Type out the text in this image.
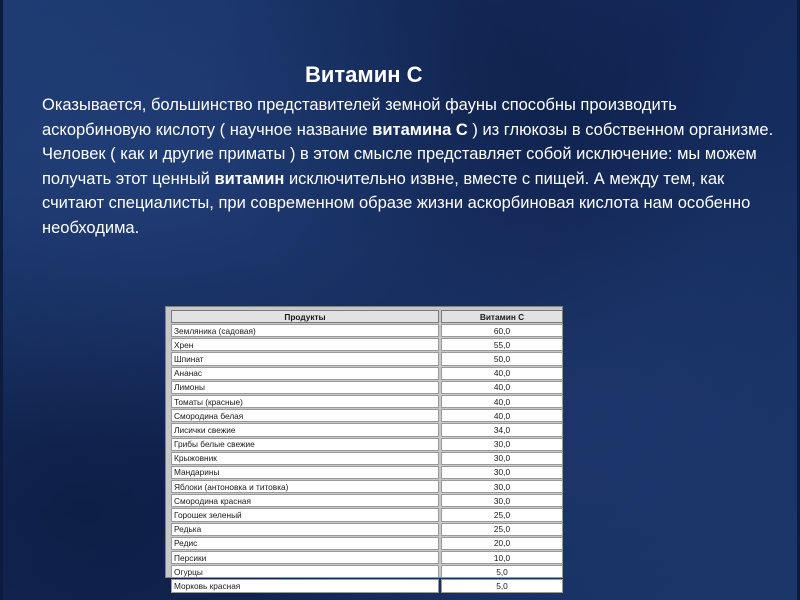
Витамин С

Оказывается, большинство представителей земной фауны способны производить аскорбиновую кислоту ( научное название витамина С ) из глюкозы в собственном организме.

Человек ( как и другие приматы ) в этом смысле представляет собой исключение: мы можем получать этот ценный витамин исключительно извне, вместе с пищей. А между тем, как считают специалисты, при современном образе жизни аскорбиновая кислота нам особенно необходима.

Продукты	Витамин С
Земляника (садовая)	60,0
Хрен	55,0
Шпинат	50,0
Ананас	40,0
Лимоны	40,0
Томаты (красные)	40,0
Смородина белая	40,0
Лисички свежие	34,0
Грибы белые свежие	30,0
Крыжовник	30,0
Мандарины	30,0
Яблоки (антоновка и титовка)	30,0
Смородина красная	30,0
Горошек зеленый	25,0
Редька	25,0
Редис	20,0
Персики	10,0
Огурцы	5,0
Морковь красная	5,0
